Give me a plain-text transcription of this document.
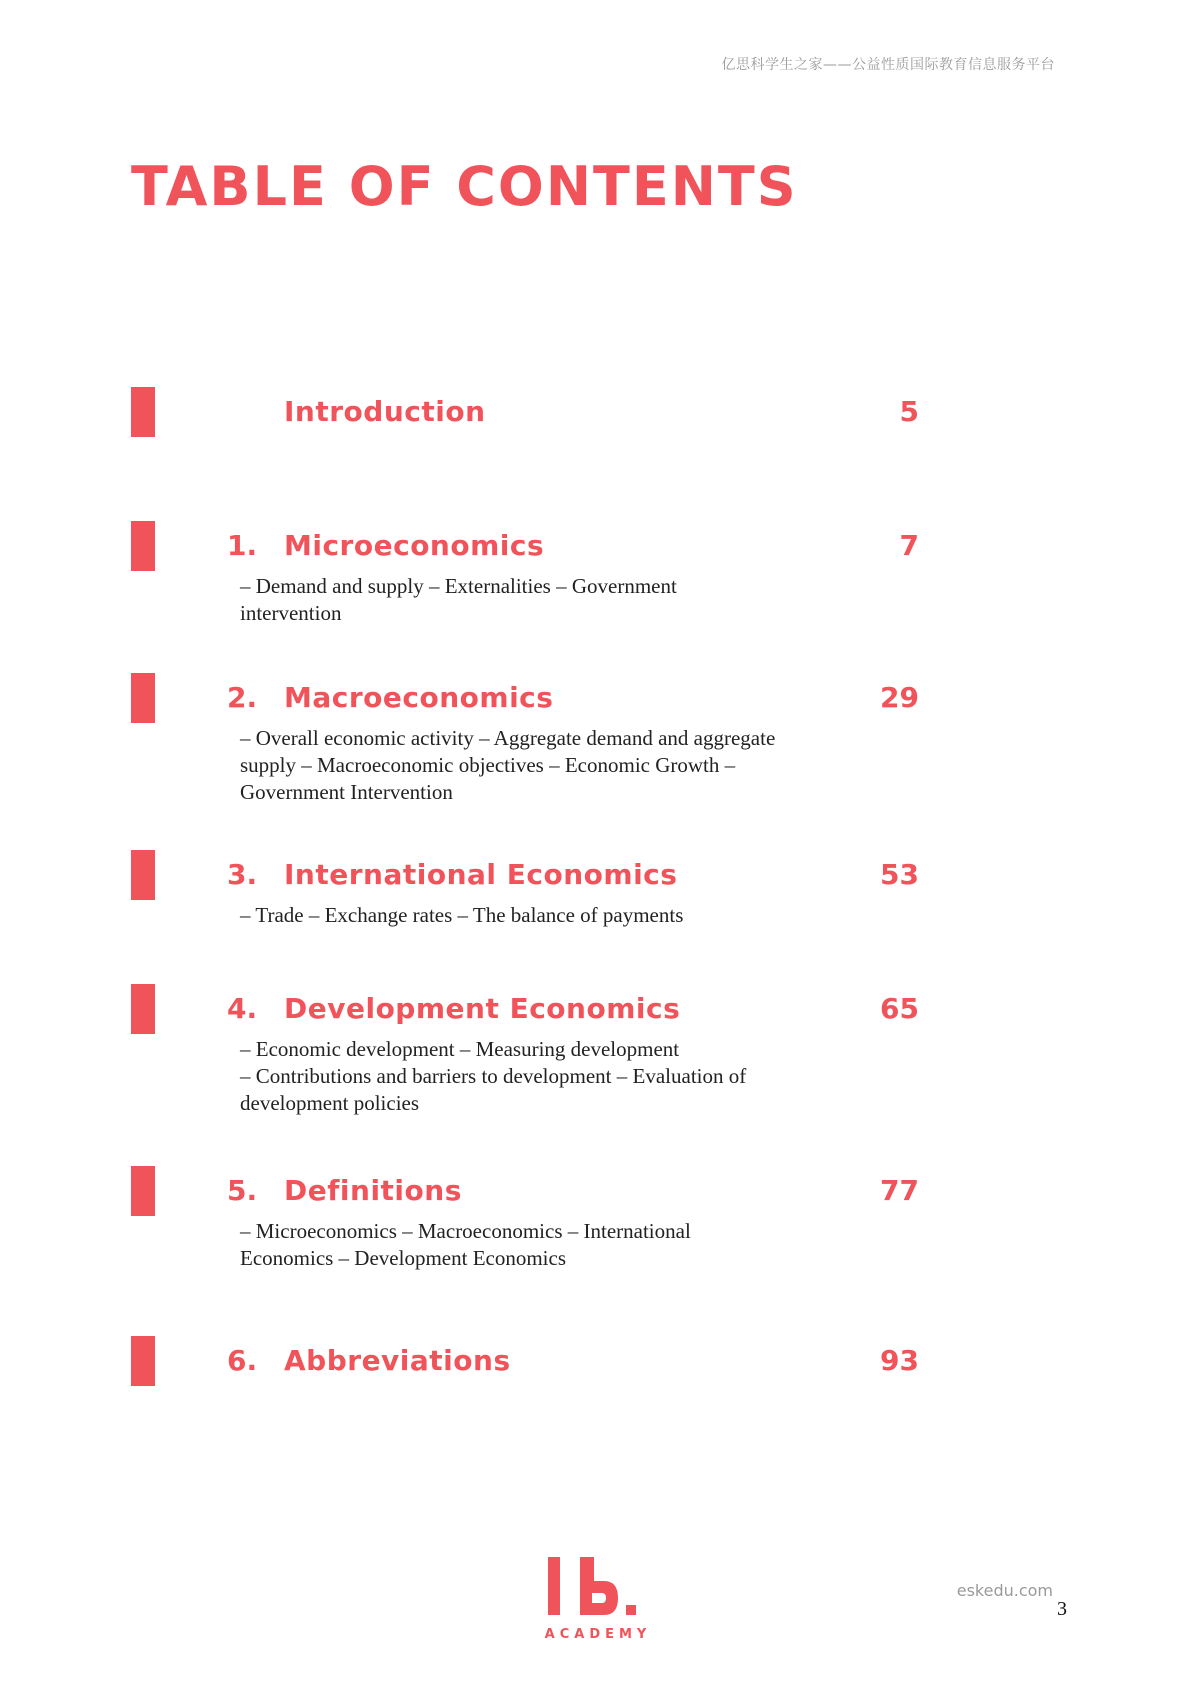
亿思科学生之家——公益性质国际教育信息服务平台
TABLE OF CONTENTS
Introduction	5
1. Microeconomics	7
– Demand and supply – Externalities – Government intervention
2. Macroeconomics	29
– Overall economic activity – Aggregate demand and aggregate supply – Macroeconomic objectives – Economic Growth – Government Intervention
3. International Economics	53
– Trade – Exchange rates – The balance of payments
4. Development Economics	65
– Economic development – Measuring development
– Contributions and barriers to development – Evaluation of development policies
5. Definitions	77
– Microeconomics – Macroeconomics – International Economics – Development Economics
6. Abbreviations	93
ACADEMY
eskedu.com
3
